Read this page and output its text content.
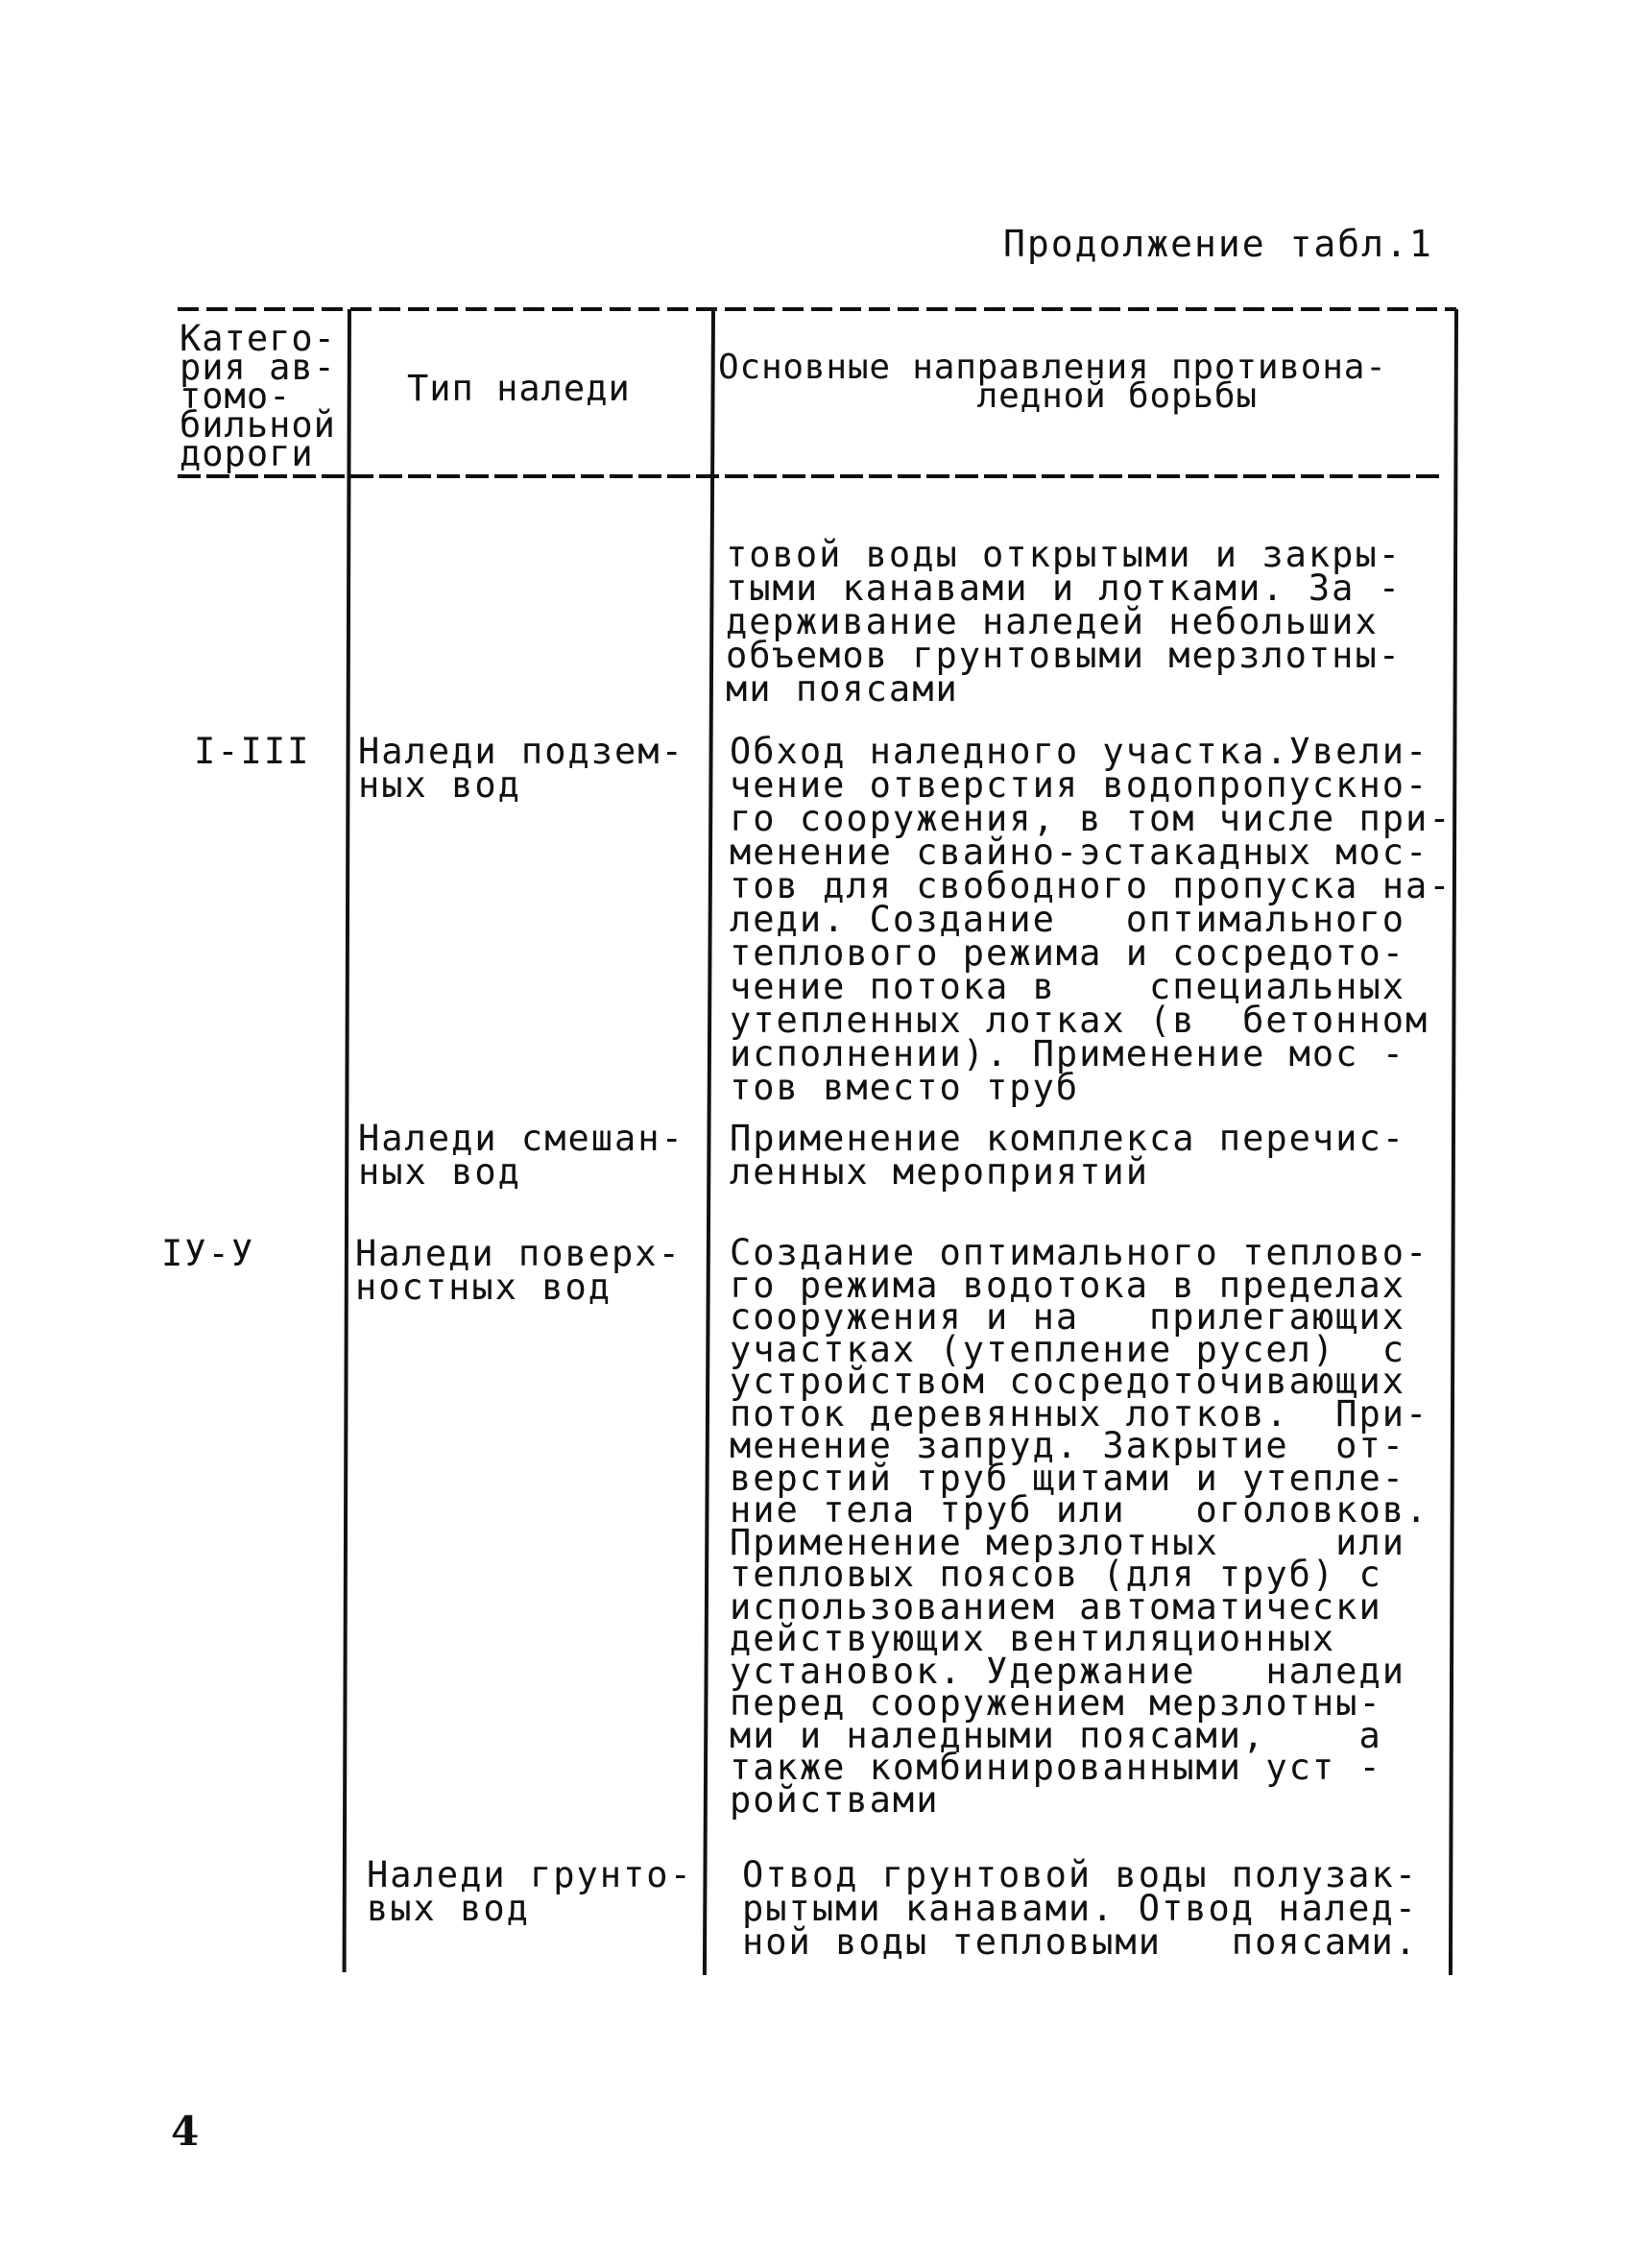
Продолжение табл.1
Катего-
рия ав-
томо-
бильной
дороги
Тип наледи
Основные направления противона-
ледной борьбы
товой воды открытыми и закры-
тыми канавами и лотками. За -
держивание наледей небольших
объемов грунтовыми мерзлотны-
ми поясами
I-III Наледи подзем-
ных вод
Обход наледного участка.Увели-
чение отверстия водопропускно-
го сооружения, в том числе при-
менение свайно-эстакадных мос-
тов для свободного пропуска на-
леди. Создание   оптимального
теплового режима и сосредото-
чение потока в    специальных
утепленных лотках (в  бетонном
исполнении). Применение мос -
тов вместо труб
Наледи смешан-
ных вод
Применение комплекса перечис-
ленных мероприятий
IУ-У	Наледи поверх-
ностных вод
Создание оптимального теплово-
го режима водотока в пределах
сооружения и на   прилегающих
участках (утепление русел)  с
устройством сосредоточивающих
поток деревянных лотков.  При-
менение запруд. Закрытие  от-
верстий труб щитами и утепле-
ние тела труб или   оголовков.
Применение мерзлотных     или
тепловых поясов (для труб) с
использованием автоматически
действующих вентиляционных
установок. Удержание   наледи
перед сооружением мерзлотны-
ми и наледными поясами,    а
также комбинированными уст -
ройствами
Наледи грунто-
вых вод
Отвод грунтовой воды полузак-
рытыми канавами. Отвод налед-
ной воды тепловыми   поясами.
4
